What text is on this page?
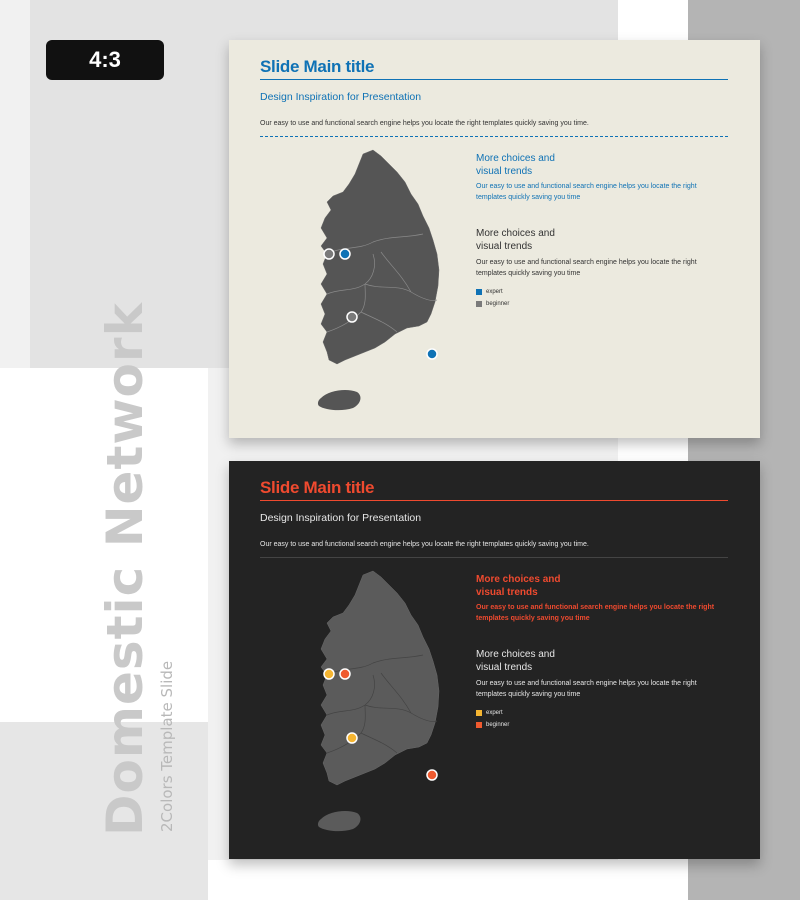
4:3
Domestic Network 2Colors Template Slide
Slide Main title
Design Inspiration for Presentation
Our easy to use and functional search engine helps you locate the right templates quickly saving you time.
More choices and
visual trends
Our easy to use and functional search engine helps you locate the right templates quickly saving you time
More choices and
visual trends
Our easy to use and functional search engine helps you locate the right templates quickly saving you time
expert
beginner
Slide Main title
Design Inspiration for Presentation
Our easy to use and functional search engine helps you locate the right templates quickly saving you time.
More choices and
visual trends
Our easy to use and functional search engine helps you locate the right templates quickly saving you time
More choices and
visual trends
Our easy to use and functional search engine helps you locate the right templates quickly saving you time
expert
beginner
